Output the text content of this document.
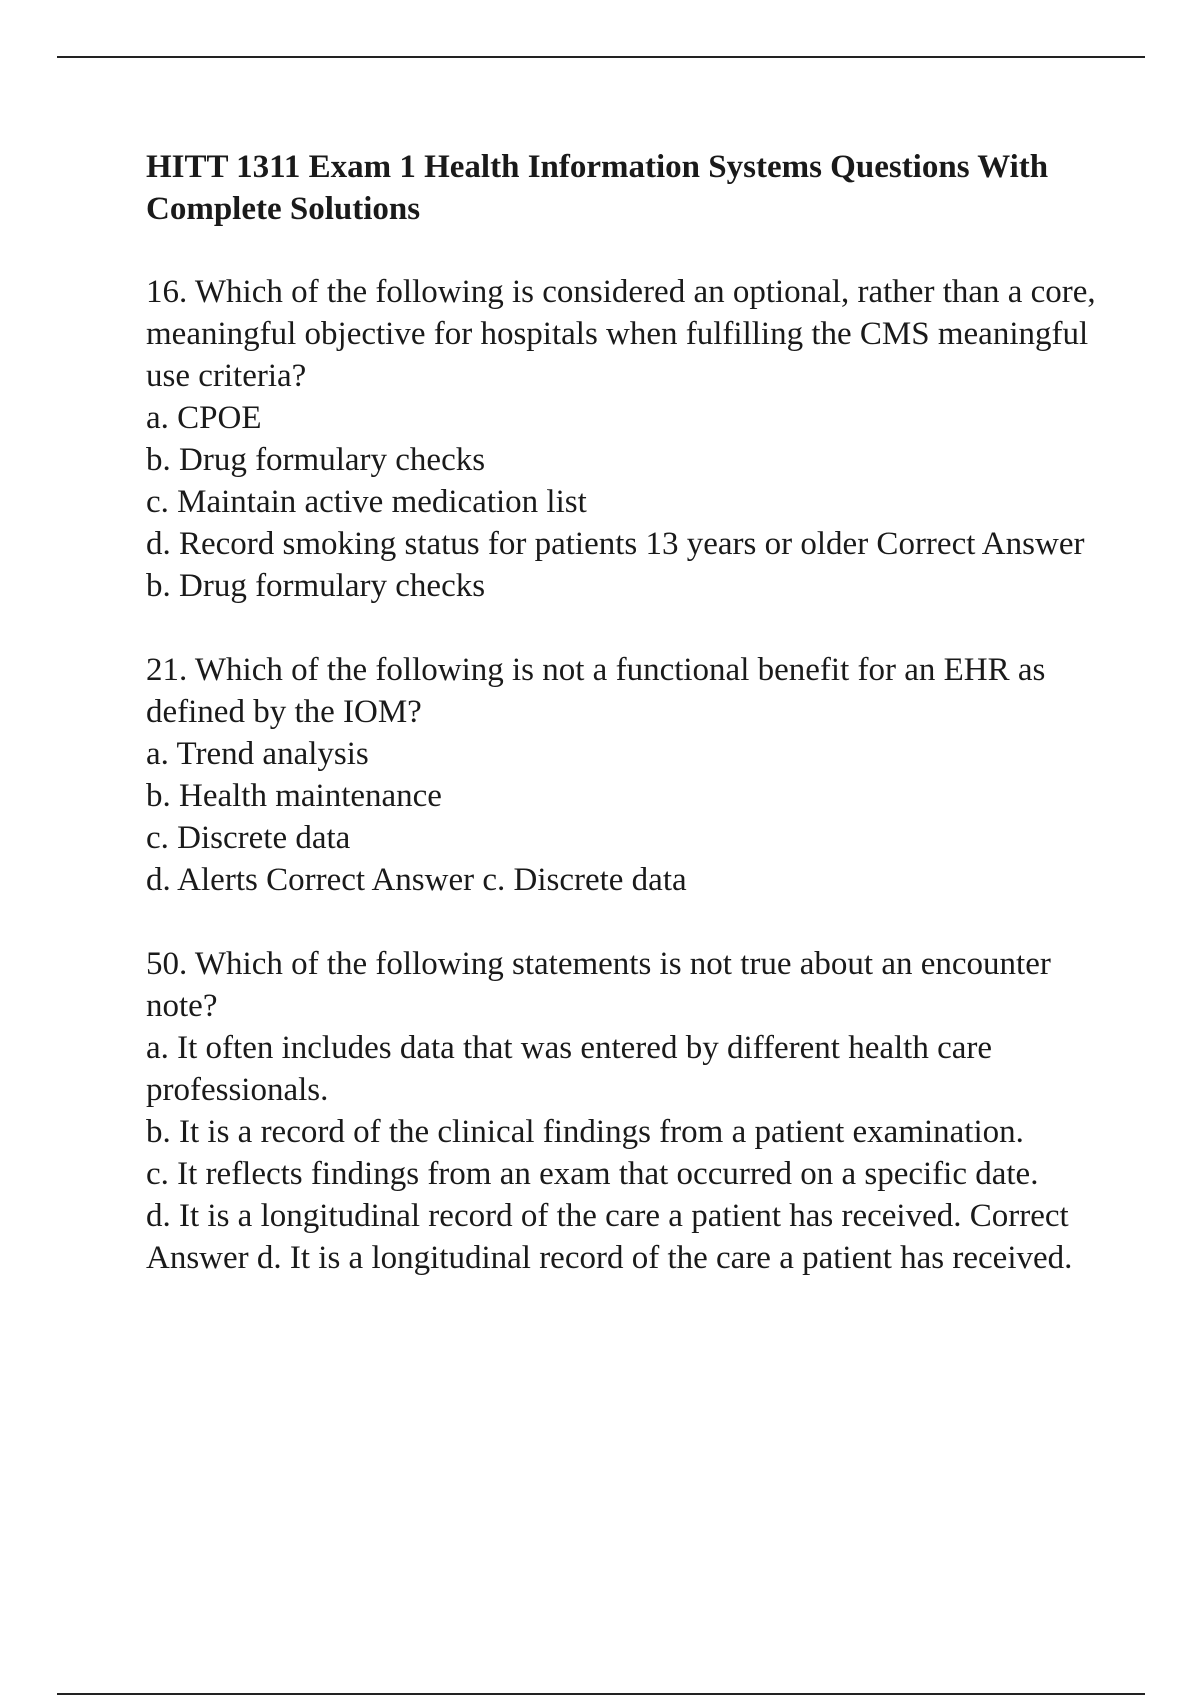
HITT 1311 Exam 1 Health Information Systems Questions With Complete Solutions

16. Which of the following is considered an optional, rather than a core, meaningful objective for hospitals when fulfilling the CMS meaningful use criteria?

a. CPOE

b. Drug formulary checks

c. Maintain active medication list

d. Record smoking status for patients 13 years or older Correct Answer b. Drug formulary checks

21. Which of the following is not a functional benefit for an EHR as defined by the IOM?

a. Trend analysis

b. Health maintenance

c. Discrete data

d. Alerts Correct Answer c. Discrete data

50. Which of the following statements is not true about an encounter note?

a. It often includes data that was entered by different health care professionals.

b. It is a record of the clinical findings from a patient examination.

c. It reflects findings from an exam that occurred on a specific date.

d. It is a longitudinal record of the care a patient has received. Correct Answer d. It is a longitudinal record of the care a patient has received.
